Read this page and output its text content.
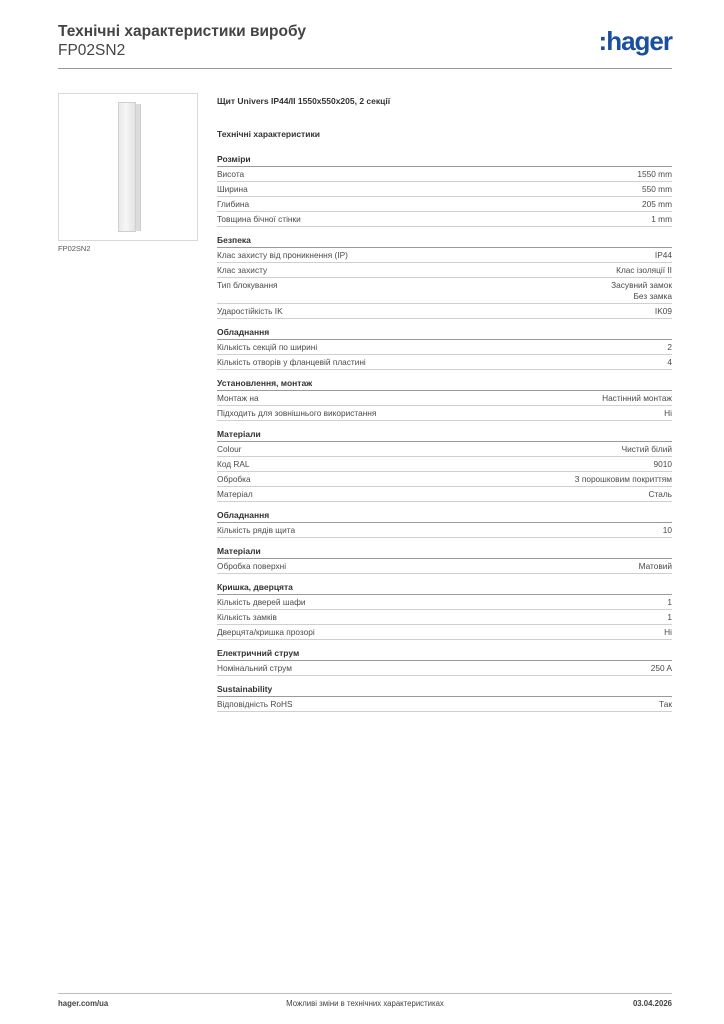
Технічні характеристики виробу
FP02SN2	:hager
FP02SN2
Щит Univers IP44/II 1550x550x205, 2 секції
Технічні характеристики
Розміри
Висота	1550 mm
Ширина	550 mm
Глибина	205 mm
Товщина бічної стінки	1 mm
Безпека
Клас захисту від проникнення (IP)	IP44
Клас захисту	Клас ізоляції II
Тип блокування	Засувний замок
Без замка
Ударостійкість IK	IK09
Обладнання
Кількість секцій по ширині	2
Кількість отворів у фланцевій пластині	4
Установлення, монтаж
Монтаж на	Настінний монтаж
Підходить для зовнішнього використання	Ні
Матеріали
Colour	Чистий білий
Код RAL	9010
Обробка	З порошковим покриттям
Матеріал	Сталь
Обладнання
Кількість рядів щита	10
Матеріали
Обробка поверхні	Матовий
Кришка, дверцята
Кількість дверей шафи	1
Кількість замків	1
Дверцята/кришка прозорі	Ні
Електричний струм
Номінальний струм	250 A
Sustainability
Відповідність RoHS	Так
hager.com/ua	Можливі зміни в технічних характеристиках	03.04.2026
